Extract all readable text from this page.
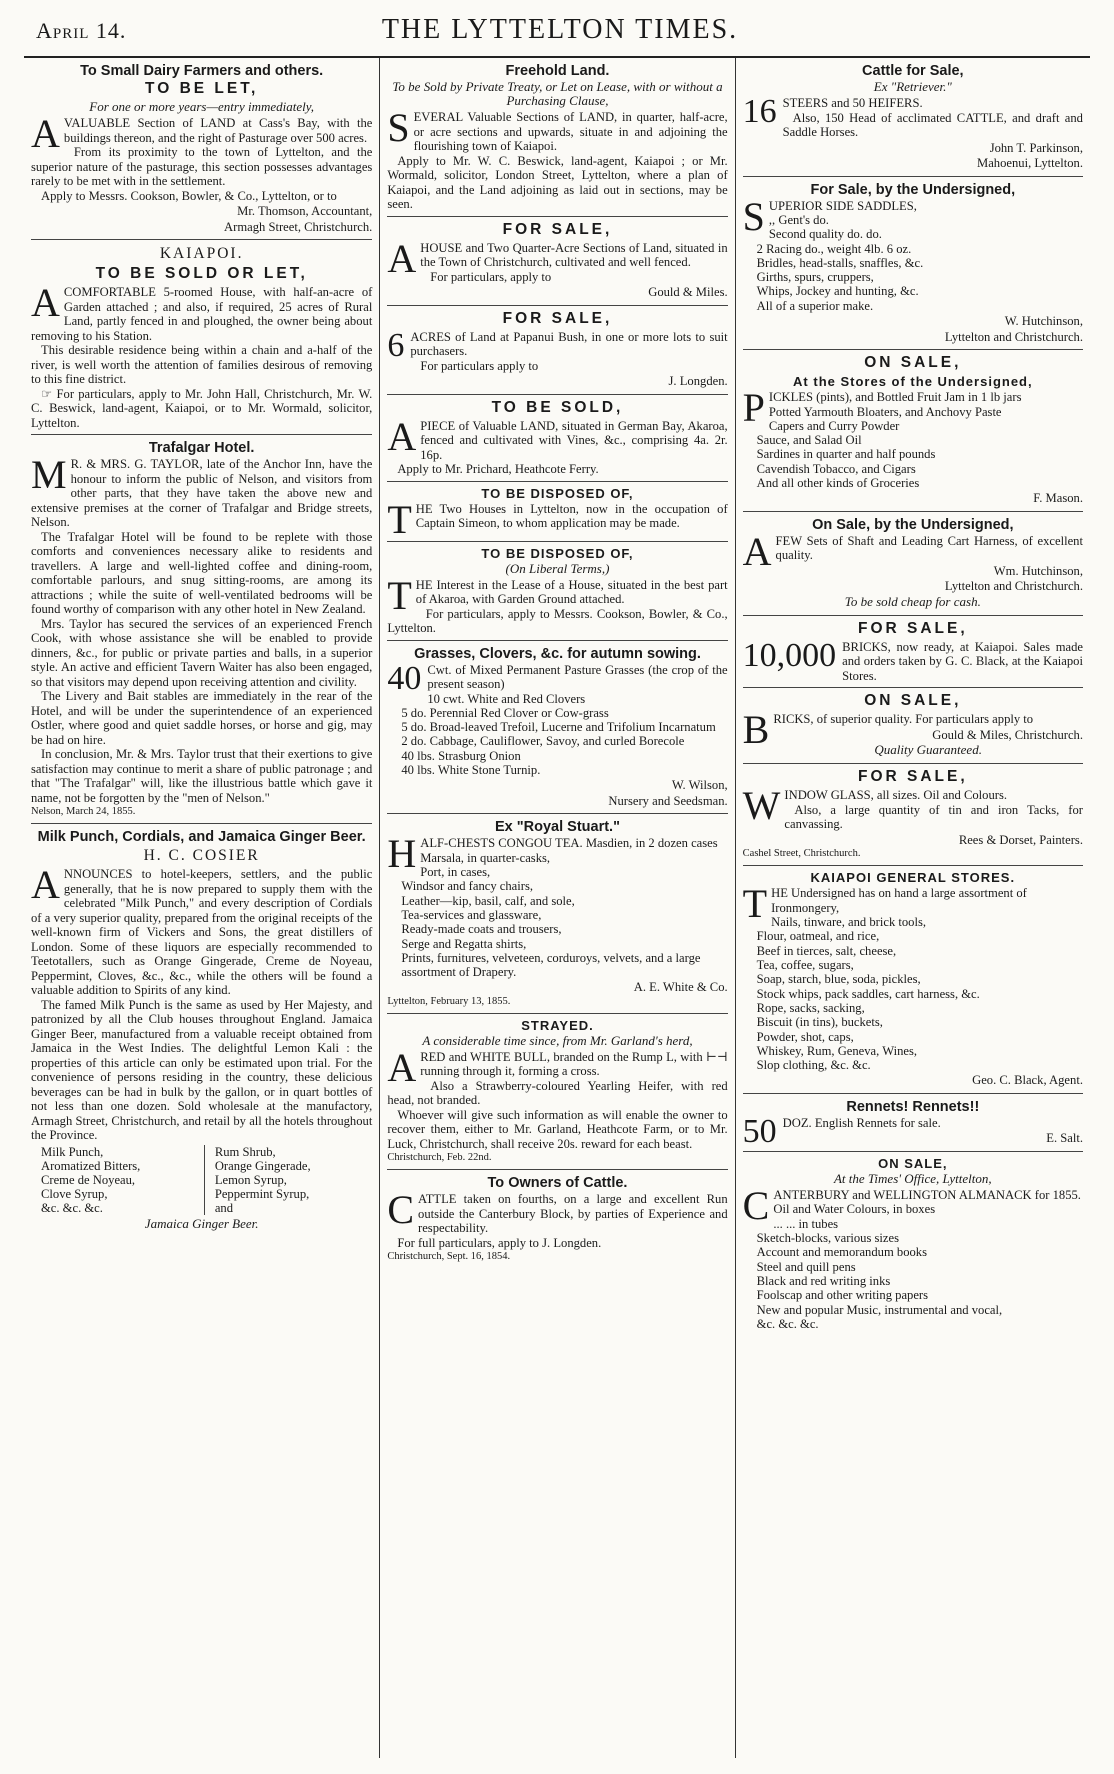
April 14.	THE LYTTELTON TIMES.
To Small Dairy Farmers and others.
TO BE LET,
For one or more years—entry immediately,

AVALUABLE Section of LAND at Cass's Bay, with the buildings thereon, and the right of Pasturage over 500 acres.

From its proximity to the town of Lyttelton, and the superior nature of the pasturage, this section possesses advantages rarely to be met with in the settlement.

Apply to Messrs. Cookson, Bowler, & Co., Lyttelton, or to

Mr. Thomson, Accountant,
Armagh Street, Christchurch.
KAIAPOI.
TO BE SOLD OR LET,

ACOMFORTABLE 5-roomed House, with half-an-acre of Garden attached ; and also, if required, 25 acres of Rural Land, partly fenced in and ploughed, the owner being about removing to his Station.

This desirable residence being within a chain and a-half of the river, is well worth the attention of families desirous of removing to this fine district.

☞ For particulars, apply to Mr. John Hall, Christchurch, Mr. W. C. Beswick, land-agent, Kaiapoi, or to Mr. Wormald, solicitor, Lyttelton.

Trafalgar Hotel.

M R. & MRS. G. TAYLOR, late of the Anchor Inn, have the honour to inform the public of Nelson, and visitors from other parts, that they have taken the above new and extensive premises at the corner of Trafalgar and Bridge streets, Nelson.

The Trafalgar Hotel will be found to be replete with those comforts and conveniences necessary alike to residents and travellers. A large and well-lighted coffee and dining-room, comfortable parlours, and snug sitting-rooms, are among its attractions ; while the suite of well-ventilated bedrooms will be found worthy of comparison with any other hotel in New Zealand.

Mrs. Taylor has secured the services of an experienced French Cook, with whose assistance she will be enabled to provide dinners, &c., for public or private parties and balls, in a superior style. An active and efficient Tavern Waiter has also been engaged, so that visitors may depend upon receiving attention and civility.

The Livery and Bait stables are immediately in the rear of the Hotel, and will be under the superintendence of an experienced Ostler, where good and quiet saddle horses, or horse and gig, may be had on hire.

In conclusion, Mr. & Mrs. Taylor trust that their exertions to give satisfaction may continue to merit a share of public patronage ; and that "The Trafalgar" will, like the illustrious battle which gave it name, not be forgotten by the "men of Nelson."

Nelson, March 24, 1855.
Milk Punch, Cordials, and Jamaica Ginger Beer.
H. C. COSIER

ANNOUNCES to hotel-keepers, settlers, and the public generally, that he is now prepared to supply them with the celebrated "Milk Punch," and every description of Cordials of a very superior quality, prepared from the original receipts of the well-known firm of Vickers and Sons, the great distillers of London. Some of these liquors are especially recommended to Teetotallers, such as Orange Gingerade, Creme de Noyeau, Peppermint, Cloves, &c., &c., while the others will be found a valuable addition to Spirits of any kind.

The famed Milk Punch is the same as used by Her Majesty, and patronized by all the Club houses throughout England. Jamaica Ginger Beer, manufactured from a valuable receipt obtained from Jamaica in the West Indies. The delightful Lemon Kali : the properties of this article can only be estimated upon trial. For the convenience of persons residing in the country, these delicious beverages can be had in bulk by the gallon, or in quart bottles of not less than one dozen. Sold wholesale at the manufactory, Armagh Street, Christchurch, and retail by all the hotels throughout the Province.

Milk Punch,	Rum Shrub,
Aromatized Bitters,	Orange Gingerade,
Creme de Noyeau,	Lemon Syrup,
Clove Syrup,	Peppermint Syrup,
&c. &c. &c.	and
Jamaica Ginger Beer.
Freehold Land.
To be Sold by Private Treaty, or Let on Lease, with or without a Purchasing Clause,

SEVERAL Valuable Sections of LAND, in quarter, half-acre, or acre sections and upwards, situate in and adjoining the flourishing town of Kaiapoi.

Apply to Mr. W. C. Beswick, land-agent, Kaiapoi ; or Mr. Wormald, solicitor, London Street, Lyttelton, where a plan of Kaiapoi, and the Land adjoining as laid out in sections, may be seen.

FOR SALE,

AHOUSE and Two Quarter-Acre Sections of Land, situated in the Town of Christchurch, cultivated and well fenced.

For particulars, apply to

Gould & Miles.
FOR SALE,

6 ACRES of Land at Papanui Bush, in one or more lots to suit purchasers.

For particulars apply to

J. Longden.
TO BE SOLD,

APIECE of Valuable LAND, situated in German Bay, Akaroa, fenced and cultivated with Vines, &c., comprising 4a. 2r. 16p.

Apply to Mr. Prichard, Heathcote Ferry.

TO BE DISPOSED OF,

THE Two Houses in Lyttelton, now in the occupation of Captain Simeon, to whom application may be made.

TO BE DISPOSED OF,
(On Liberal Terms,)

THE Interest in the Lease of a House, situated in the best part of Akaroa, with Garden Ground attached.

For particulars, apply to Messrs. Cookson, Bowler, & Co., Lyttelton.

Grasses, Clovers, &c. for autumn sowing.

40 Cwt. of Mixed Permanent Pasture Grasses (the crop of the present season)

10 cwt. White and Red Clovers
5 do. Perennial Red Clover or Cow-grass
5 do. Broad-leaved Trefoil, Lucerne and Trifolium Incarnatum
2 do. Cabbage, Cauliflower, Savoy, and curled Borecole
40 lbs. Strasburg Onion
40 lbs. White Stone Turnip.
W. Wilson,
Nursery and Seedsman.
Ex "Royal Stuart."

HALF-CHESTS CONGOU TEA. Masdien, in 2 dozen cases

Marsala, in quarter-casks,
Port, in cases,
Windsor and fancy chairs,
Leather—kip, basil, calf, and sole,
Tea-services and glassware,
Ready-made coats and trousers,
Serge and Regatta shirts,
Prints, furnitures, velveteen, corduroys, velvets, and a large assortment of Drapery.
A. E. White & Co.
Lyttelton, February 13, 1855.
STRAYED.
A considerable time since, from Mr. Garland's herd,

ARED and WHITE BULL, branded on the Rump L, with ⊢⊣ running through it, forming a cross.

Also a Strawberry-coloured Yearling Heifer, with red head, not branded.

Whoever will give such information as will enable the owner to recover them, either to Mr. Garland, Heathcote Farm, or to Mr. Luck, Christchurch, shall receive 20s. reward for each beast.

Christchurch, Feb. 22nd.
To Owners of Cattle.

CATTLE taken on fourths, on a large and excellent Run outside the Canterbury Block, by parties of Experience and respectability.

For full particulars, apply to J. Longden.

Christchurch, Sept. 16, 1854.
Cattle for Sale,
Ex "Retriever."

16 STEERS and 50 HEIFERS.

Also, 150 Head of acclimated CATTLE, and draft and Saddle Horses.

John T. Parkinson,
Mahoenui, Lyttelton.
For Sale, by the Undersigned,

SUPERIOR SIDE SADDLES,

,, Gent's do.
Second quality do. do.
2 Racing do., weight 4lb. 6 oz.
Bridles, head-stalls, snaffles, &c.
Girths, spurs, cruppers,
Whips, Jockey and hunting, &c.
All of a superior make.
W. Hutchinson,
Lyttelton and Christchurch.
ON SALE,
At the Stores of the Undersigned,

PICKLES (pints), and Bottled Fruit Jam in 1 lb jars

Potted Yarmouth Bloaters, and Anchovy Paste
Capers and Curry Powder
Sauce, and Salad Oil
Sardines in quarter and half pounds
Cavendish Tobacco, and Cigars
And all other kinds of Groceries
F. Mason.
On Sale, by the Undersigned,

AFEW Sets of Shaft and Leading Cart Harness, of excellent quality.

Wm. Hutchinson,
Lyttelton and Christchurch.
To be sold cheap for cash.
FOR SALE,

10,000 BRICKS, now ready, at Kaiapoi. Sales made and orders taken by G. C. Black, at the Kaiapoi Stores.

ON SALE,

BRICKS, of superior quality. For particulars apply to

Gould & Miles, Christchurch.
Quality Guaranteed.
FOR SALE,

WINDOW GLASS, all sizes. Oil and Colours.

Also, a large quantity of tin and iron Tacks, for canvassing.

Rees & Dorset, Painters.
Cashel Street, Christchurch.
KAIAPOI GENERAL STORES.

THE Undersigned has on hand a large assortment of

Ironmongery,
Nails, tinware, and brick tools,
Flour, oatmeal, and rice,
Beef in tierces, salt, cheese,
Tea, coffee, sugars,
Soap, starch, blue, soda, pickles,
Stock whips, pack saddles, cart harness, &c.
Rope, sacks, sacking,
Biscuit (in tins), buckets,
Powder, shot, caps,
Whiskey, Rum, Geneva, Wines,
Slop clothing, &c. &c.
Geo. C. Black, Agent.
Rennets! Rennets!!

50 DOZ. English Rennets for sale.

E. Salt.
ON SALE,
At the Times' Office, Lyttelton,

CANTERBURY and WELLINGTON ALMANACK for 1855.

Oil and Water Colours, in boxes
... ... in tubes
Sketch-blocks, various sizes
Account and memorandum books
Steel and quill pens
Black and red writing inks
Foolscap and other writing papers
New and popular Music, instrumental and vocal,
&c. &c. &c.
